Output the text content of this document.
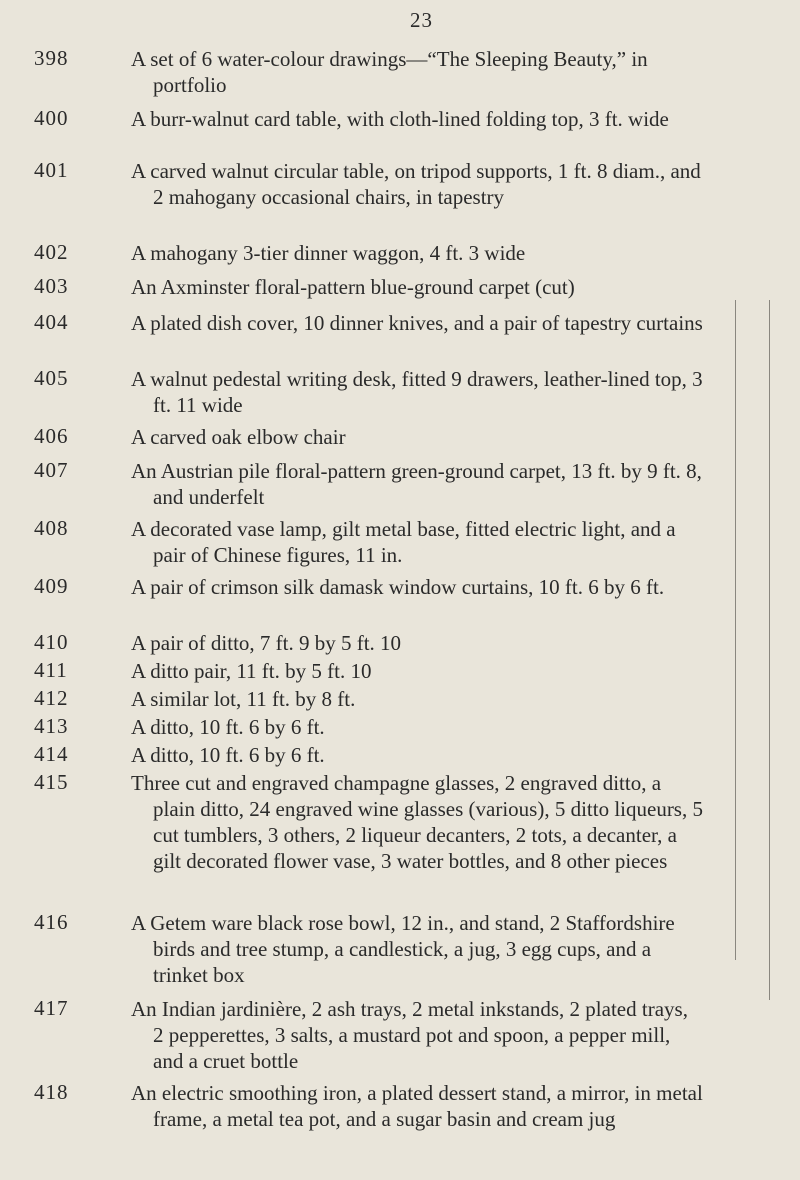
23
398	A set of 6 water-colour drawings—“The Sleeping Beauty,” in portfolio
400	A burr-walnut card table, with cloth-lined folding top, 3 ft. wide
401	A carved walnut circular table, on tripod supports, 1 ft. 8 diam., and 2 mahogany occasional chairs, in tapestry
402	A mahogany 3-tier dinner waggon, 4 ft. 3 wide
403	An Axminster floral-pattern blue-ground carpet (cut)
404	A plated dish cover, 10 dinner knives, and a pair of tapestry curtains
405	A walnut pedestal writing desk, fitted 9 drawers, leather-lined top, 3 ft. 11 wide
406	A carved oak elbow chair
407	An Austrian pile floral-pattern green-ground carpet, 13 ft. by 9 ft. 8, and underfelt
408	A decorated vase lamp, gilt metal base, fitted electric light, and a pair of Chinese figures, 11 in.
409	A pair of crimson silk damask window curtains, 10 ft. 6 by 6 ft.
410	A pair of ditto, 7 ft. 9 by 5 ft. 10
411	A ditto pair, 11 ft. by 5 ft. 10
412	A similar lot, 11 ft. by 8 ft.
413	A ditto, 10 ft. 6 by 6 ft.
414	A ditto, 10 ft. 6 by 6 ft.
415	Three cut and engraved champagne glasses, 2 engraved ditto, a plain ditto, 24 engraved wine glasses (various), 5 ditto liqueurs, 5 cut tumblers, 3 others, 2 liqueur decanters, 2 tots, a decanter, a gilt decorated flower vase, 3 water bottles, and 8 other pieces
416	A Getem ware black rose bowl, 12 in., and stand, 2 Staffordshire birds and tree stump, a candlestick, a jug, 3 egg cups, and a trinket box
417	An Indian jardinière, 2 ash trays, 2 metal inkstands, 2 plated trays, 2 pepperettes, 3 salts, a mustard pot and spoon, a pepper mill, and a cruet bottle
418	An electric smoothing iron, a plated dessert stand, a mirror, in metal frame, a metal tea pot, and a sugar basin and cream jug
